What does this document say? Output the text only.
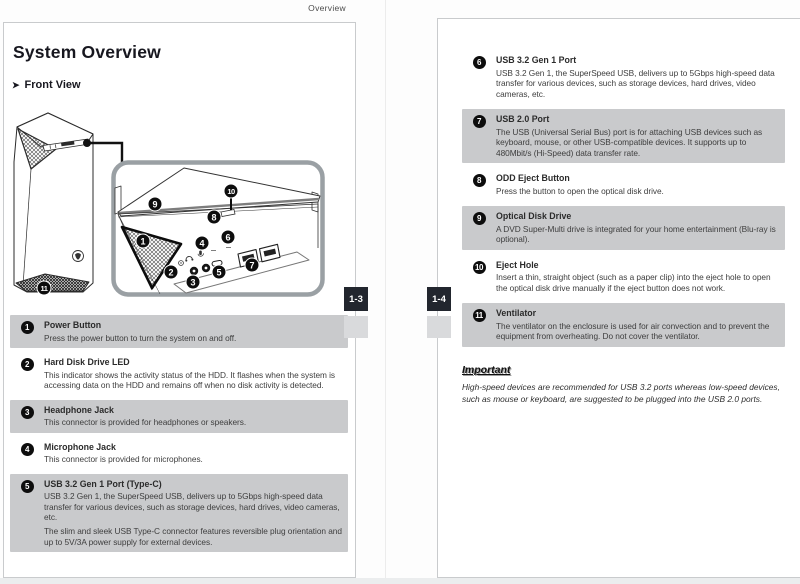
Overview
System Overview
➤ Front View
1
2
3
4
5
6
7
8
9
10
11
1	Power Button

Press the power button to turn the system on and off.

2	Hard Disk Drive LED

This indicator shows the activity status of the HDD. It flashes when the system is accessing data on the HDD and remains off when no disk activity is detected.

3	Headphone Jack

This connector is provided for headphones or speakers.

4	Microphone Jack

This connector is provided for microphones.

5	USB 3.2 Gen 1 Port (Type-C)

USB 3.2 Gen 1, the SuperSpeed USB, delivers up to 5Gbps high-speed data transfer for various devices, such as storage devices, hard drives, video cameras, etc.

The slim and sleek USB Type-C connector features reversible plug orientation and up to 5V/3A power supply for external devices.

6	USB 3.2 Gen 1 Port

USB 3.2 Gen 1, the SuperSpeed USB, delivers up to 5Gbps high-speed data transfer for various devices, such as storage devices, hard drives, video cameras, etc.

7	USB 2.0 Port

The USB (Universal Serial Bus) port is for attaching USB devices such as keyboard, mouse, or other USB-compatible devices. It supports up to 480Mbit/s (Hi-Speed) data transfer rate.

8	ODD Eject Button

Press the button to open the optical disk drive.

9	Optical Disk Drive

A DVD Super-Multi drive is integrated for your home entertainment (Blu-ray is optional).

10 Eject Hole

Insert a thin, straight object (such as a paper clip) into the eject hole to open the optical disk drive manually if the eject button does not work.

11	Ventilator

The ventilator on the enclosure is used for air convection and to prevent the equipment from overheating. Do not cover the ventilator.

Important

High-speed devices are recommended for USB 3.2 ports whereas low-speed devices, such as mouse or keyboard, are suggested to be plugged into the USB 2.0 ports.

1-3	1-4
